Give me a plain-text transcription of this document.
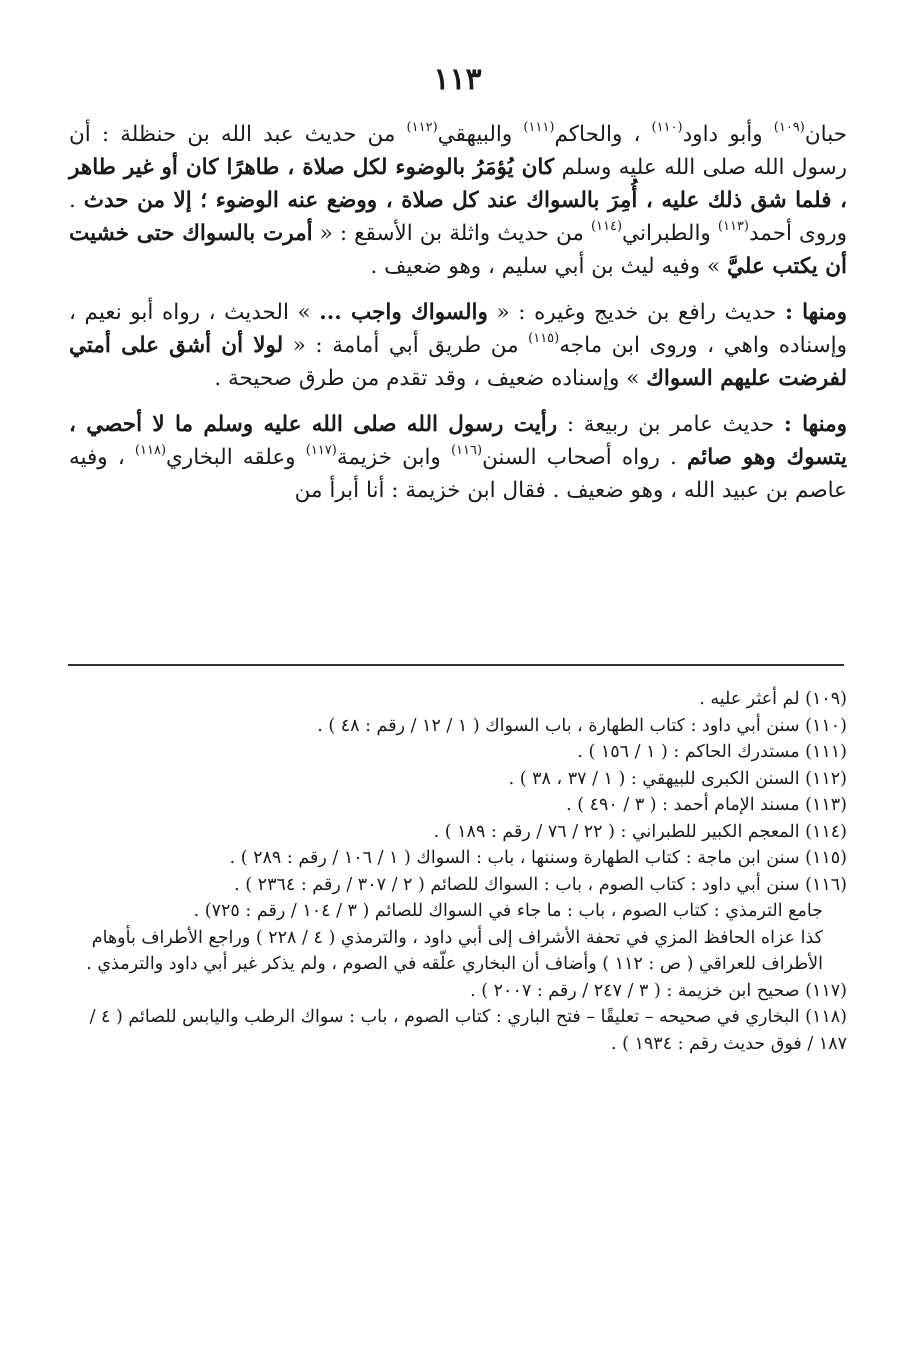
١١٣

حبان$^{(١٠٩)}$ وأبو داود$^{(١١٠)}$ ، والحاكم$^{(١١١)}$ والبيهقي$^{(١١٢)}$ من حديث عبد الله بن حنظلة : أن رسول الله صلى الله عليه وسلم كان يُؤمَرُ بالوضوء لكل صلاة ، طاهرًا كان أو غير طاهر ، فلما شق ذلك عليه ، أُمِرَ بالسواك عند كل صلاة ، ووضع عنه الوضوء ؛ إلا من حدث . وروى أحمد$^{(١١٣)}$ والطبراني$^{(١١٤)}$ من حديث واثلة بن الأسقع : « أمرت بالسواك حتى خشيت أن يكتب عليَّ » وفيه ليث بن أبي سليم ، وهو ضعيف .

ومنها : حديث رافع بن خديج وغيره : « والسواك واجب ... » الحديث ، رواه أبو نعيم ، وإسناده واهي ، وروى ابن ماجه$^{(١١٥)}$ من طريق أبي أمامة : « لولا أن أشق على أمتي لفرضت عليهم السواك » وإسناده ضعيف ، وقد تقدم من طرق صحيحة .

ومنها : حديث عامر بن ربيعة : رأيت رسول الله صلى الله عليه وسلم ما لا أحصي ، يتسوك وهو صائم . رواه أصحاب السنن$^{(١١٦)}$ وابن خزيمة$^{(١١٧)}$ وعلقه البخاري$^{(١١٨)}$ ، وفيه عاصم بن عبيد الله ، وهو ضعيف . فقال ابن خزيمة : أنا أبرأ من

(١٠٩) لم أعثر عليه .
(١١٠) سنن أبي داود : كتاب الطهارة ، باب السواك ( ١ / ١٢ / رقم : ٤٨ ) .
(١١١) مستدرك الحاكم : ( ١ / ١٥٦ ) .
(١١٢) السنن الكبرى للبيهقي : ( ١ / ٣٧ ، ٣٨ ) .
(١١٣) مسند الإمام أحمد : ( ٣ / ٤٩٠ ) .
(١١٤) المعجم الكبير للطبراني : ( ٢٢ / ٧٦ / رقم : ١٨٩ ) .
(١١٥) سنن ابن ماجة : كتاب الطهارة وسننها ، باب : السواك ( ١ / ١٠٦ / رقم : ٢٨٩ ) .
(١١٦) سنن أبي داود : كتاب الصوم ، باب : السواك للصائم ( ٢ / ٣٠٧ / رقم : ٢٣٦٤ ) .
جامع الترمذي : كتاب الصوم ، باب : ما جاء في السواك للصائم ( ٣ / ١٠٤ / رقم : ٧٢٥) .
كذا عزاه الحافظ المزي في تحفة الأشراف إلى أبي داود ، والترمذي ( ٤ / ٢٢٨ ) وراجع الأطراف بأوهام الأطراف للعراقي ( ص : ١١٢ ) وأضاف أن البخاري علّقه في الصوم ، ولم يذكر غير أبي داود والترمذي .
(١١٧) صحيح ابن خزيمة : ( ٣ / ٢٤٧ / رقم : ٢٠٠٧ ) .
(١١٨) البخاري في صحيحه – تعليقًا – فتح الباري : كتاب الصوم ، باب : سواك الرطب واليابس للصائم ( ٤ / ١٨٧ / فوق حديث رقم : ١٩٣٤ ) .
